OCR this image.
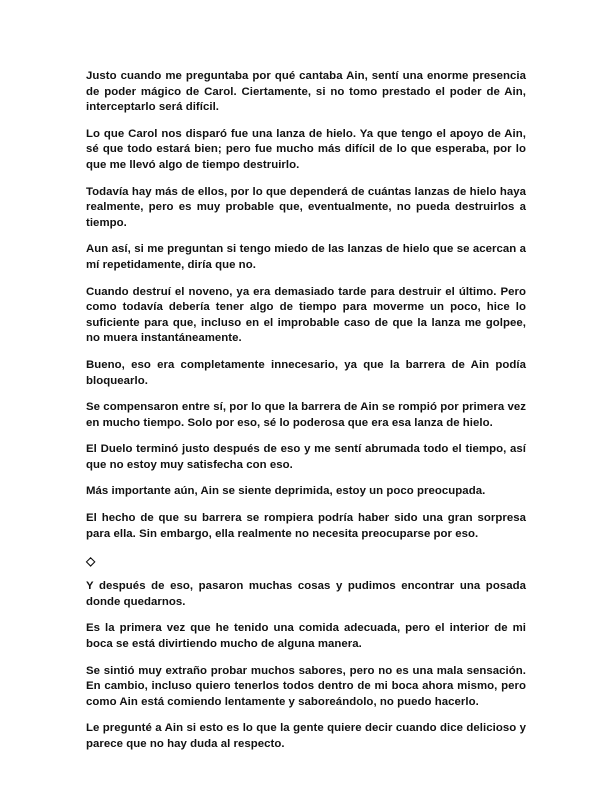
Justo cuando me preguntaba por qué cantaba Ain, sentí una enorme presencia de poder mágico de Carol. Ciertamente, si no tomo prestado el poder de Ain, interceptarlo será difícil.

Lo que Carol nos disparó fue una lanza de hielo. Ya que tengo el apoyo de Ain, sé que todo estará bien; pero fue mucho más difícil de lo que esperaba, por lo que me llevó algo de tiempo destruirlo.

Todavía hay más de ellos, por lo que dependerá de cuántas lanzas de hielo haya realmente, pero es muy probable que, eventualmente, no pueda destruirlos a tiempo.

Aun así, si me preguntan si tengo miedo de las lanzas de hielo que se acercan a mí repetidamente, diría que no.

Cuando destruí el noveno, ya era demasiado tarde para destruir el último. Pero como todavía debería tener algo de tiempo para moverme un poco, hice lo suficiente para que, incluso en el improbable caso de que la lanza me golpee, no muera instantáneamente.

Bueno, eso era completamente innecesario, ya que la barrera de Ain podía bloquearlo.

Se compensaron entre sí, por lo que la barrera de Ain se rompió por primera vez en mucho tiempo. Solo por eso, sé lo poderosa que era esa lanza de hielo.

El Duelo terminó justo después de eso y me sentí abrumada todo el tiempo, así que no estoy muy satisfecha con eso.

Más importante aún, Ain se siente deprimida, estoy un poco preocupada.

El hecho de que su barrera se rompiera podría haber sido una gran sorpresa para ella. Sin embargo, ella realmente no necesita preocuparse por eso.

◇

Y después de eso, pasaron muchas cosas y pudimos encontrar una posada donde quedarnos.

Es la primera vez que he tenido una comida adecuada, pero el interior de mi boca se está divirtiendo mucho de alguna manera.

Se sintió muy extraño probar muchos sabores, pero no es una mala sensación. En cambio, incluso quiero tenerlos todos dentro de mi boca ahora mismo, pero como Ain está comiendo lentamente y saboreándolo, no puedo hacerlo.

Le pregunté a Ain si esto es lo que la gente quiere decir cuando dice delicioso y parece que no hay duda al respecto.
